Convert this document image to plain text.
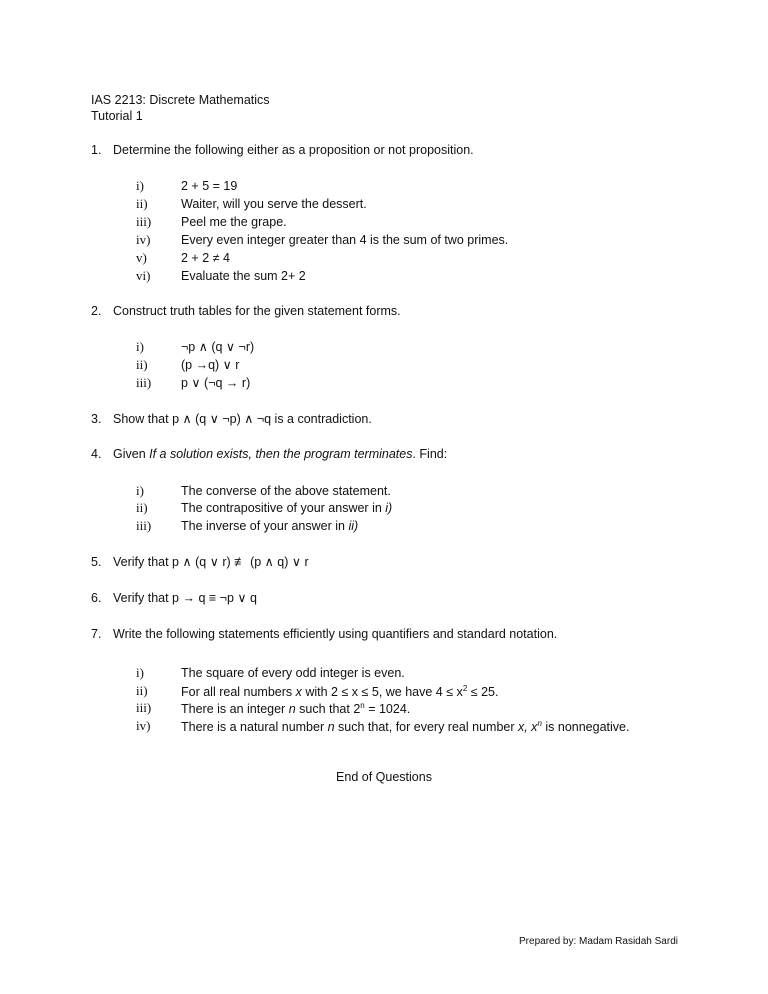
IAS 2213: Discrete Mathematics
Tutorial 1
1. Determine the following either as a proposition or not proposition.
i)	2 + 5 = 19
ii)	Waiter, will you serve the dessert.
iii) Peel me the grape.
iv) Every even integer greater than 4 is the sum of two primes.
v)	2 + 2 ≠ 4
vi) Evaluate the sum 2+ 2
2. Construct truth tables for the given statement forms.
i)	¬p ∧ (q ∨ ¬r)
ii)	(p →q) ∨ r
iii) p ∨ (¬q → r)
3. Show that p ∧ (q ∨ ¬p) ∧ ¬q is a contradiction.
4. Given If a solution exists, then the program terminates. Find:
i)	The converse of the above statement.
ii)	The contrapositive of your answer in i)
iii) The inverse of your answer in ii)
5. Verify that p ∧ (q ∨ r) ≢ (p ∧ q) ∨ r
6. Verify that p → q ≡ ¬p ∨ q
7. Write the following statements efficiently using quantifiers and standard notation.
i)	The square of every odd integer is even.
ii)	For all real numbers x with 2 ≤ x ≤ 5, we have $4 \le x^2 \le 25$.
iii) There is an integer n such that $2^n = 1024$.
iv) There is a natural number n such that, for every real number x, $x^n$ is nonnegative.
End of Questions
Prepared by: Madam Rasidah Sardi
